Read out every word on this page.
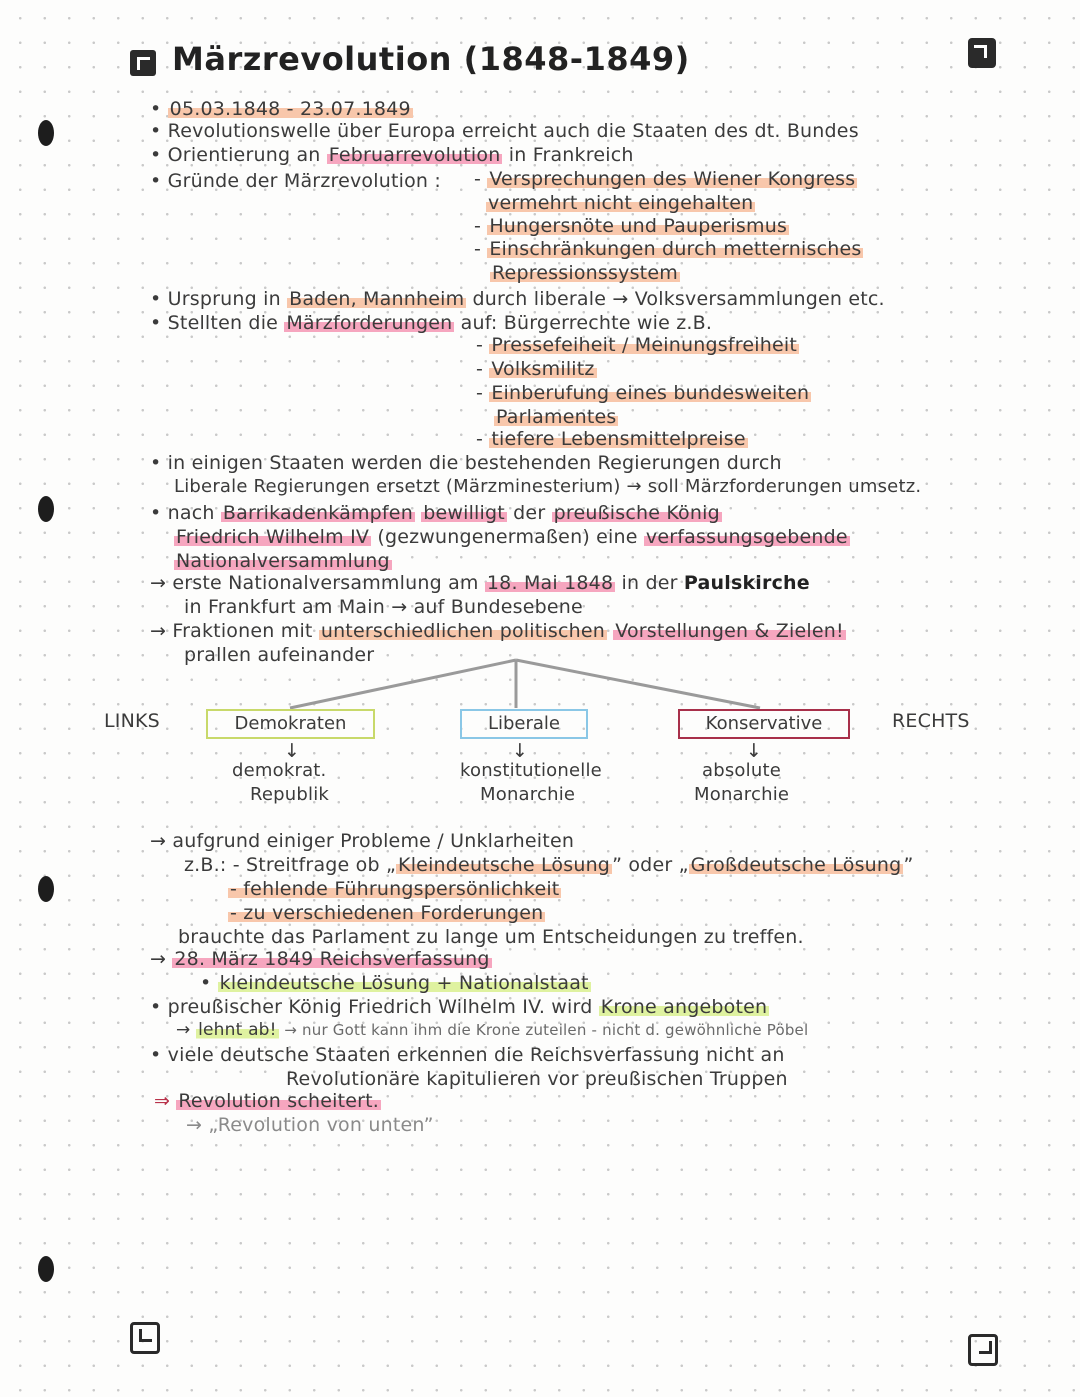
Märzrevolution (1848-1849)
• 05.03.1848 - 23.07.1849
• Revolutionswelle über Europa erreicht auch die Staaten des dt. Bundes
• Orientierung an Februarrevolution in Frankreich
• Gründe der Märzrevolution : - Versprechungen des Wiener Kongress
vermehrt nicht eingehalten
- Hungersnöte und Pauperismus
- Einschränkungen durch metternisches
Repressionssystem
• Ursprung in Baden, Mannheim durch liberale → Volksversammlungen etc.
• Stellten die Märzforderungen auf: Bürgerrechte wie z.B.
- Pressefeiheit / Meinungsfreiheit
- Volksmilitz
- Einberufung eines bundesweiten
Parlamentes
- tiefere Lebensmittelpreise
• in einigen Staaten werden die bestehenden Regierungen durch
Liberale Regierungen ersetzt (Märzminesterium) → soll Märzforderungen umsetz.
• nach Barrikadenkämpfen bewilligt der preußische König
Friedrich Wilhelm IV (gezwungenermaßen) eine verfassungsgebende
Nationalversammlung
→ erste Nationalversammlung am 18. Mai 1848 in der Paulskirche
in Frankfurt am Main → auf Bundesebene
→ Fraktionen mit unterschiedlichen politischen Vorstellungen & Zielen!
prallen aufeinander
LINKS	RECHTS
Demokraten	Liberale	Konservative
↓	↓	↓
demokrat.
Republik
konstitutionelle
Monarchie
absolute
Monarchie
→ aufgrund einiger Probleme / Unklarheiten
z.B.: - Streitfrage ob „ Kleindeutsche Lösung ” oder „ Großdeutsche Lösung ”
- fehlende Führungspersönlichkeit
- zu verschiedenen Forderungen
brauchte das Parlament zu lange um Entscheidungen zu treffen.
→ 28. März 1849 Reichsverfassung
• kleindeutsche Lösung + Nationalstaat
• preußischer König Friedrich Wilhelm IV. wird Krone angeboten
→ lehnt ab! → nur Gott kann ihm die Krone zuteilen - nicht d. gewöhnliche Pöbel
• viele deutsche Staaten erkennen die Reichsverfassung nicht an
Revolutionäre kapitulieren vor preußischen Truppen
⇒ Revolution scheitert.
→ „Revolution von unten”
